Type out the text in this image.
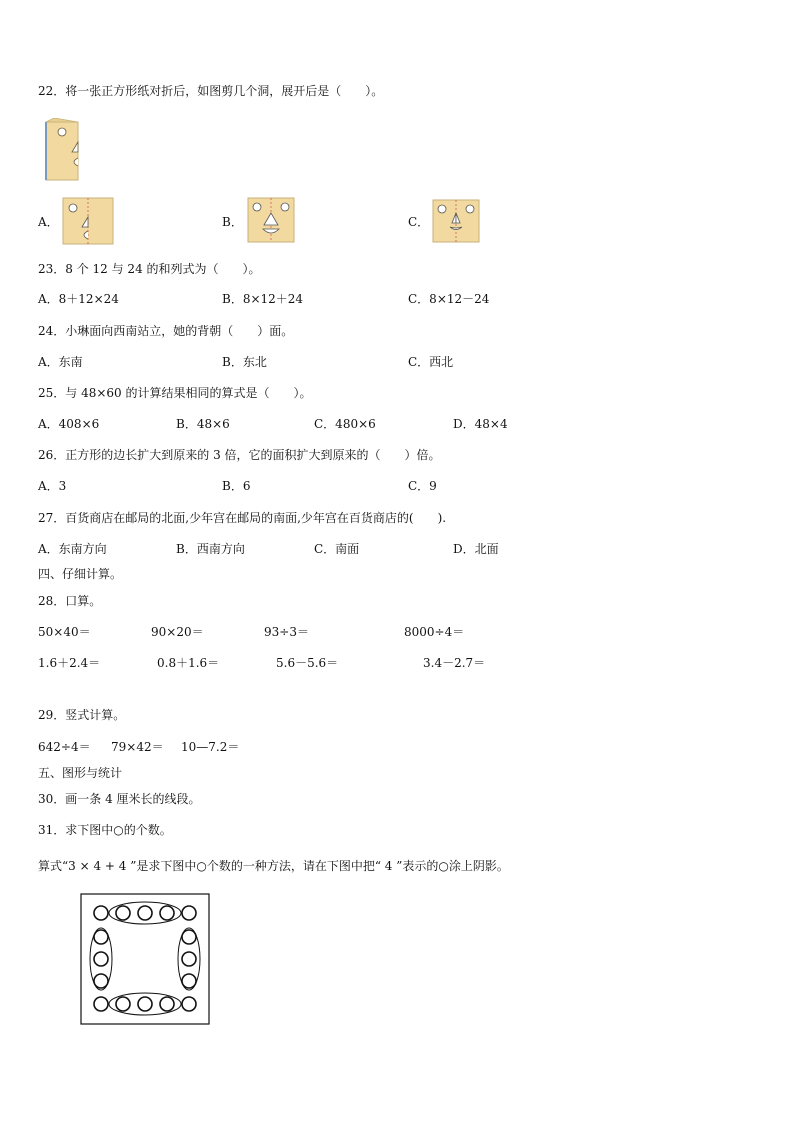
22．将一张正方形纸对折后，如图剪几个洞，展开后是（　　）。
A．	B．	C．
23．8 个 12 与 24 的和列式为（　　）。
A．8＋12×24	B．8×12＋24	C．8×12－24
24．小琳面向西南站立，她的背朝（　　）面。
A．东南	B．东北	C．西北
25．与 48×60 的计算结果相同的算式是（　　）。
A．408×6	B．48×6	C．480×6	D．48×4
26．正方形的边长扩大到原来的 3 倍，它的面积扩大到原来的（　　）倍。
A．3	B．6	C．9
27．百货商店在邮局的北面,少年宫在邮局的南面,少年宫在百货商店的(　　).
A．东南方向	B．西南方向	C．南面	D．北面
四、仔细计算。
28．口算。
50×40＝	90×20＝	93÷3＝	8000÷4＝
1.6＋2.4＝	0.8＋1.6＝	5.6－5.6＝	3.4－2.7＝
29．竖式计算。
642÷4＝ 79×42＝ 10—7.2＝
五、图形与统计
30．画一条 4 厘米长的线段。
31．求下图中○的个数。
算式“3 × 4 + 4 ”是求下图中○个数的一种方法，请在下图中把“ 4 ”表示的○涂上阴影。
